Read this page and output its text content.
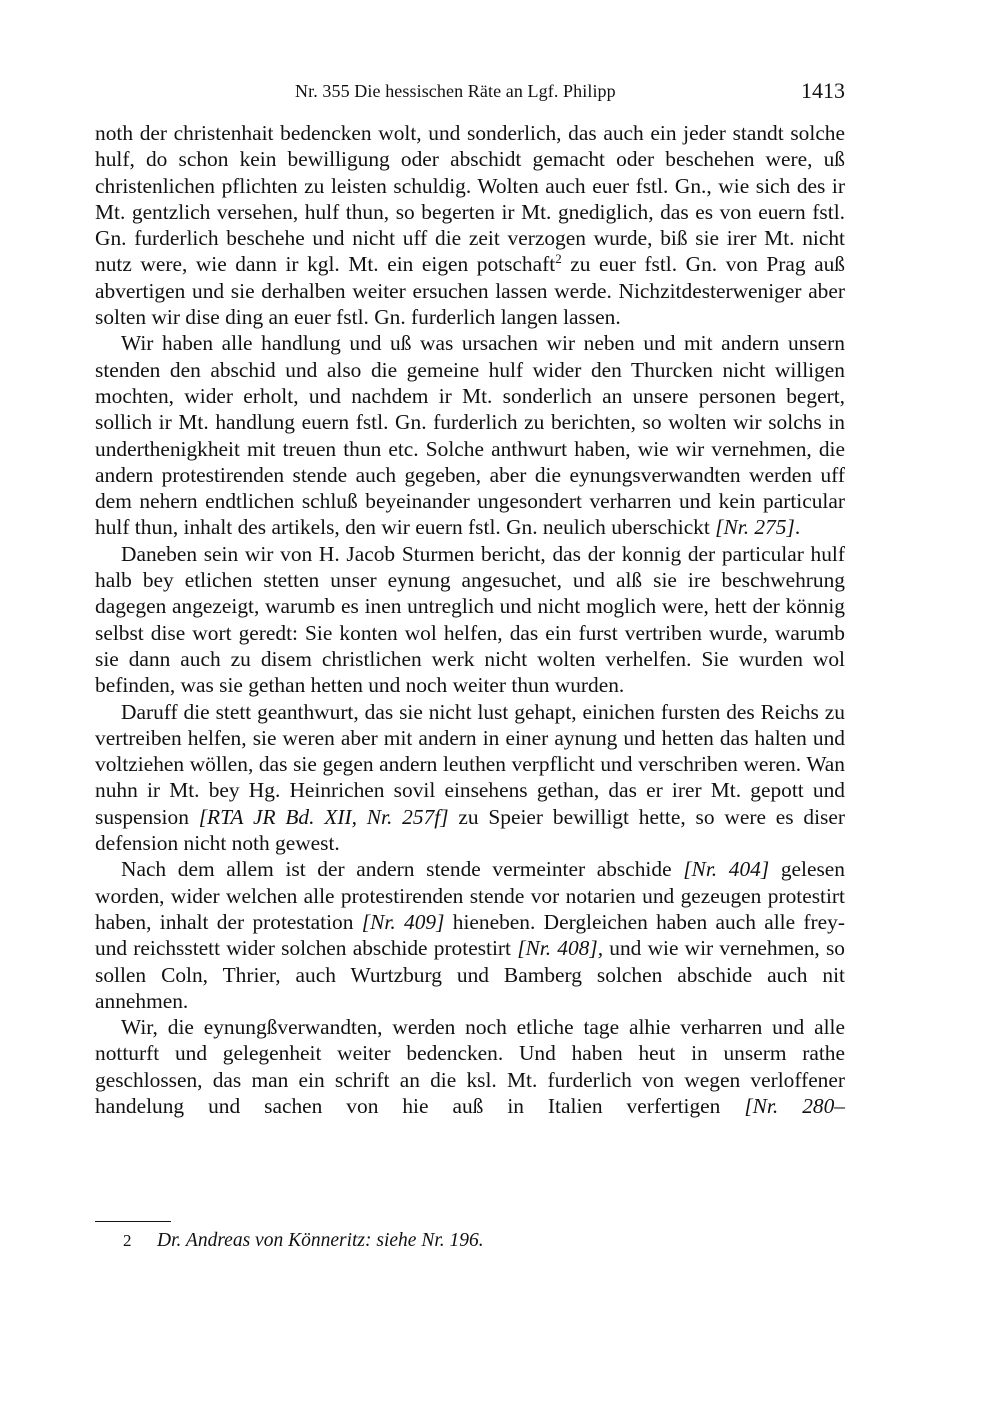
Nr. 355 Die hessischen Räte an Lgf. Philipp	1413

noth der christenhait bedencken wolt, und sonderlich, das auch ein jeder standt solche hulf, do schon kein bewilligung oder abschidt gemacht oder beschehen were, uß christenlichen pflichten zu leisten schuldig. Wolten auch euer fstl. Gn., wie sich des ir Mt. gentzlich versehen, hulf thun, so begerten ir Mt. gnediglich, das es von euern fstl. Gn. furderlich beschehe und nicht uff die zeit verzogen wurde, biß sie irer Mt. nicht nutz were, wie dann ir kgl. Mt. ein eigen potschaft$^2$ zu euer fstl. Gn. von Prag auß abvertigen und sie derhalben weiter ersuchen lassen werde. Nichzitdesterweniger aber solten wir dise ding an euer fstl. Gn. furderlich langen lassen.

Wir haben alle handlung und uß was ursachen wir neben und mit andern unsern stenden den abschid und also die gemeine hulf wider den Thurcken nicht willigen mochten, wider erholt, und nachdem ir Mt. sonderlich an unsere personen begert, sollich ir Mt. handlung euern fstl. Gn. furderlich zu berichten, so wolten wir solchs in underthenigkheit mit treuen thun etc. Solche anthwurt haben, wie wir vernehmen, die andern protestirenden stende auch gegeben, aber die eynungsverwandten werden uff dem nehern endtlichen schluß beyeinander ungesondert verharren und kein particular hulf thun, inhalt des artikels, den wir euern fstl. Gn. neulich uberschickt [Nr. 275].

Daneben sein wir von H. Jacob Sturmen bericht, das der konnig der particular hulf halb bey etlichen stetten unser eynung angesuchet, und alß sie ire beschwehrung dagegen angezeigt, warumb es inen untreglich und nicht moglich were, hett der könnig selbst dise wort geredt: Sie konten wol helfen, das ein furst vertriben wurde, warumb sie dann auch zu disem christlichen werk nicht wolten verhelfen. Sie wurden wol befinden, was sie gethan hetten und noch weiter thun wurden.

Daruff die stett geanthwurt, das sie nicht lust gehapt, einichen fursten des Reichs zu vertreiben helfen, sie weren aber mit andern in einer aynung und hetten das halten und voltziehen wöllen, das sie gegen andern leuthen verpflicht und verschriben weren. Wan nuhn ir Mt. bey Hg. Heinrichen sovil einsehens gethan, das er irer Mt. gepott und suspension [RTA JR Bd. XII, Nr. 257f] zu Speier bewilligt hette, so were es diser defension nicht noth gewest.

Nach dem allem ist der andern stende vermeinter abschide [Nr. 404] gelesen worden, wider welchen alle protestirenden stende vor notarien und gezeugen protestirt haben, inhalt der protestation [Nr. 409] hieneben. Dergleichen haben auch alle frey- und reichsstett wider solchen abschide protestirt [Nr. 408], und wie wir vernehmen, so sollen Coln, Thrier, auch Wurtzburg und Bamberg solchen abschide auch nit annehmen.

Wir, die eynungßverwandten, werden noch etliche tage alhie verharren und alle notturft und gelegenheit weiter bedencken. Und haben heut in unserm rathe geschlossen, das man ein schrift an die ksl. Mt. furderlich von wegen verloffener handelung und sachen von hie auß in Italien verfertigen [Nr. 280–

2 Dr. Andreas von Könneritz: siehe Nr. 196.
